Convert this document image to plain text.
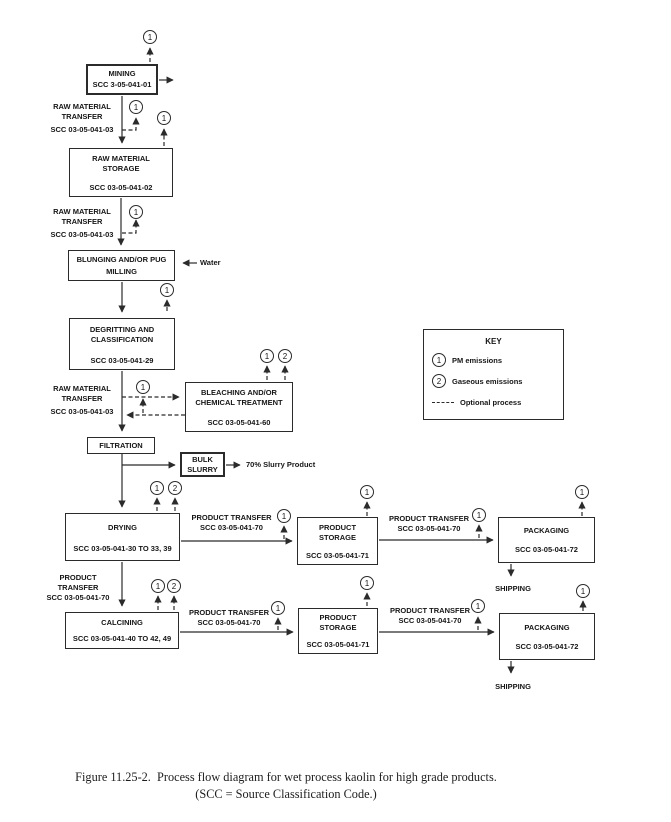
MINING
SCC 3-05-041-01
RAW MATERIAL
STORAGE
SCC 03-05-041-02
BLUNGING AND/OR PUG
MILLING
DEGRITTING AND
CLASSIFICATION
SCC 03-05-041-29
BLEACHING AND/OR
CHEMICAL TREATMENT
SCC 03-05-041-60
FILTRATION
BULK
SLURRY
DRYING
SCC 03-05-041-30 TO 33, 39
PRODUCT
STORAGE
SCC 03-05-041-71
PACKAGING
SCC 03-05-041-72
CALCINING
SCC 03-05-041-40 TO 42, 49
PRODUCT
STORAGE
SCC 03-05-041-71
PACKAGING
SCC 03-05-041-72
RAW MATERIAL
TRANSFER
SCC 03-05-041-03
RAW MATERIAL
TRANSFER
SCC 03-05-041-03
RAW MATERIAL
TRANSFER
SCC 03-05-041-03
Water
70% Slurry Product
PRODUCT TRANSFER
SCC 03-05-041-70
PRODUCT TRANSFER
SCC 03-05-041-70
PRODUCT
TRANSFER
SCC 03-05-041-70
PRODUCT TRANSFER
SCC 03-05-041-70
PRODUCT TRANSFER
SCC 03-05-041-70
SHIPPING
SHIPPING
1
1
1
1
1
1
1	2
1	2
1
1
1
1
1	2
1
1
1
1
KEY
1	PM emissions
2	Gaseous emissions
Optional process
Figure 11.25-2.  Process flow diagram for wet process kaolin for high grade products.
(SCC = Source Classification Code.)
